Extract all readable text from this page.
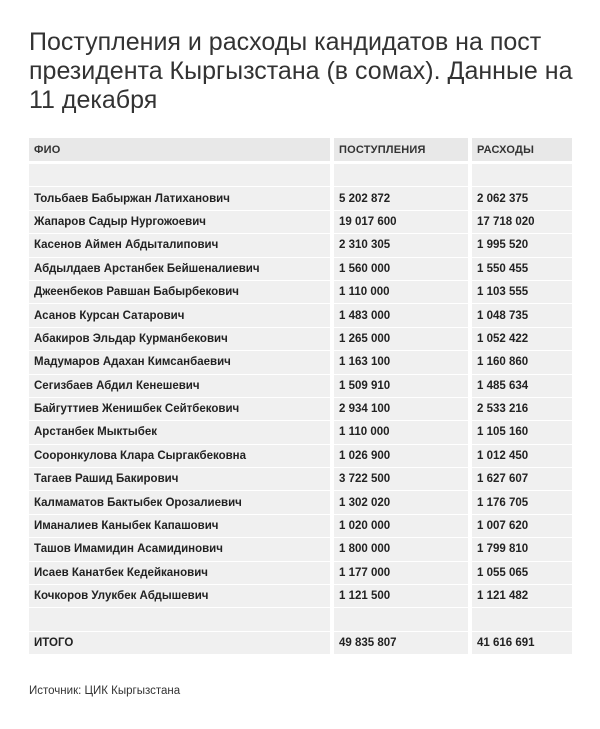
Поступления и расходы кандидатов на пост президента Кыргызстана (в сомах). Данные на 11 декабря
ФИО	ПОСТУПЛЕНИЯ	РАСХОДЫ
Тольбаев Бабыржан Латиханович	5 202 872	2 062 375
Жапаров Садыр Нургожоевич	19 017 600	17 718 020
Касенов Аймен Абдыталипович	2 310 305	1 995 520
Абдылдаев Арстанбек Бейшеналиевич	1 560 000	1 550 455
Джеенбеков Равшан Бабырбекович	1 110 000	1 103 555
Асанов Курсан Сатарович	1 483 000	1 048 735
Абакиров Эльдар Курманбекович	1 265 000	1 052 422
Мадумаров Адахан Кимсанбаевич	1 163 100	1 160 860
Сегизбаев Абдил Кенешевич	1 509 910	1 485 634
Байгуттиев Женишбек Сейтбекович	2 934 100	2 533 216
Арстанбек Мыктыбек	1 110 000	1 105 160
Сооронкулова Клара Сыргакбековна	1 026 900	1 012 450
Тагаев Рашид Бакирович	3 722 500	1 627 607
Калмаматов Бактыбек Орозалиевич	1 302 020	1 176 705
Иманалиев Каныбек Капашович	1 020 000	1 007 620
Ташов Имамидин Асамидинович	1 800 000	1 799 810
Исаев Канатбек Кедейканович	1 177 000	1 055 065
Кочкоров Улукбек Абдышевич	1 121 500	1 121 482
ИТОГО	49 835 807	41 616 691
Источник: ЦИК Кыргызстана
